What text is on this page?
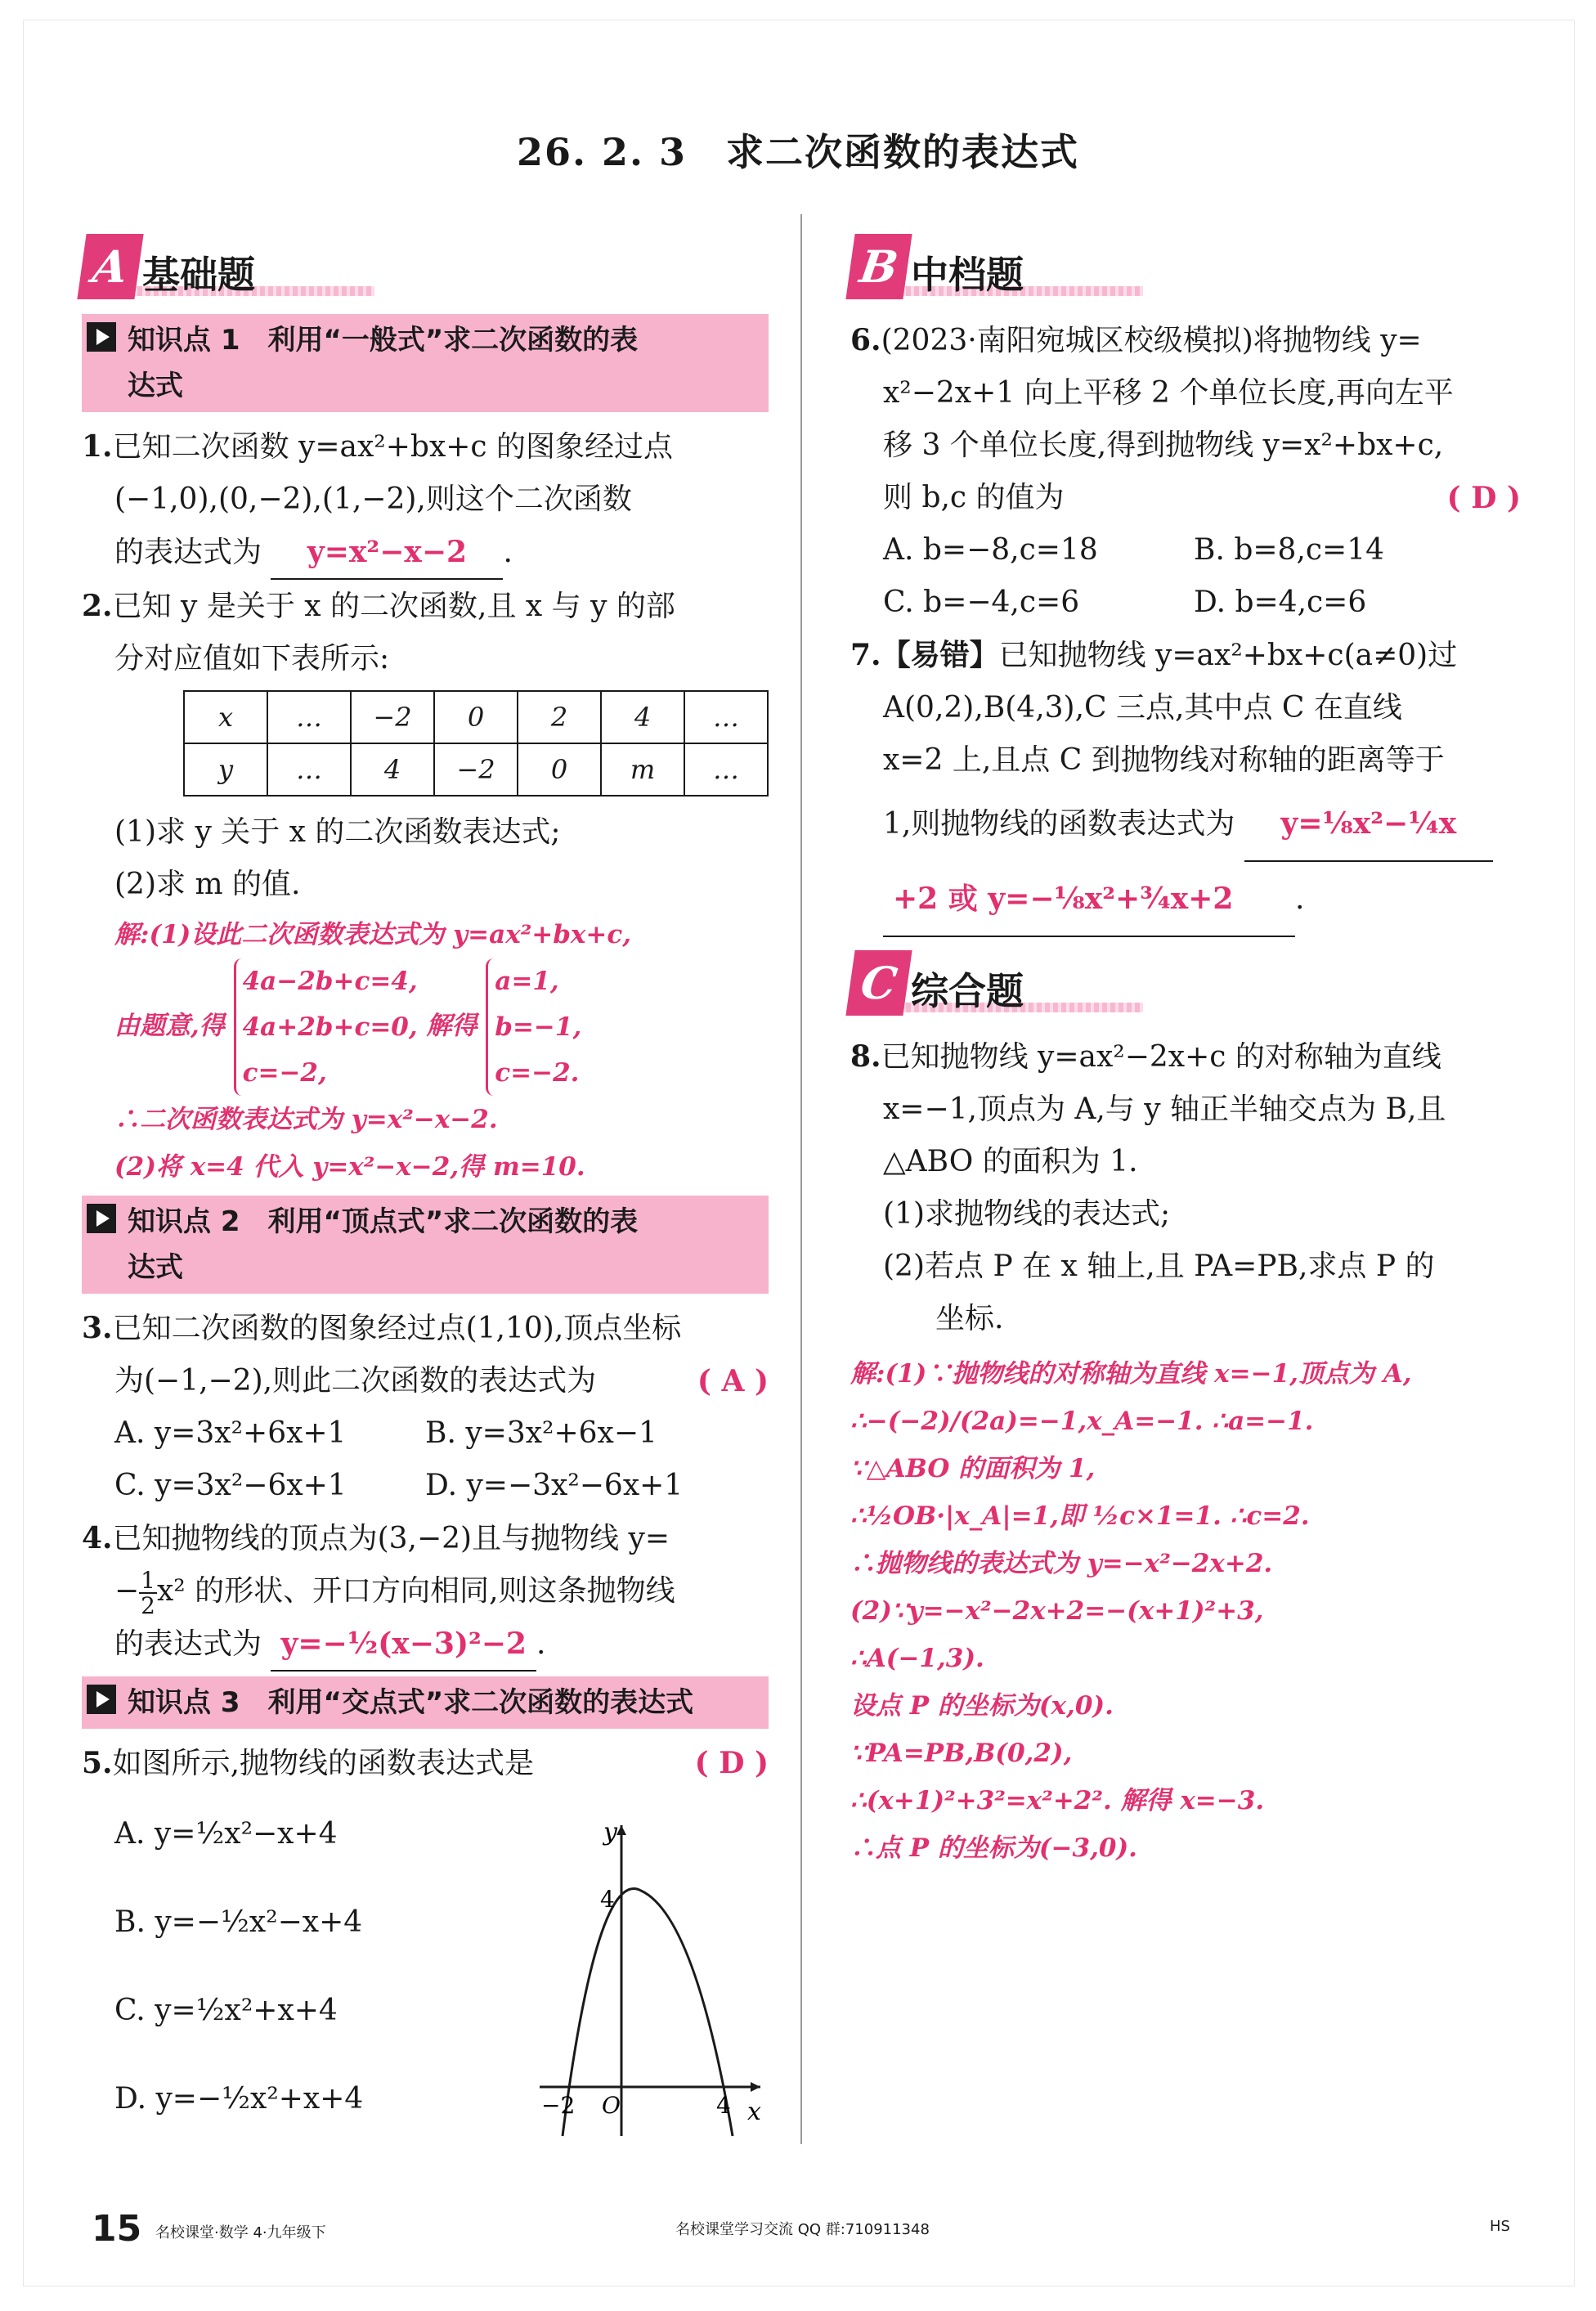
26. 2. 3　求二次函数的表达式
A 基础题
知识点 1　利用“一般式”求二次函数的表
达式

1.已知二次函数 y=ax²+bx+c 的图象经过点

(−1,0),(0,−2),(1,−2),则这个二次函数

的表达式为 y=x²−x−2 .

2.已知 y 是关于 x 的二次函数,且 x 与 y 的部

分对应值如下表所示:

x	…	−2	0	2	4	…
y	…	4	−2	0	m	…

(1)求 y 关于 x 的二次函数表达式;

(2)求 m 的值.

解:(1)设此二次函数表达式为 y=ax²+bx+c,
由题意,得 4a−2b+c=4,
4a+2b+c=0,
c=−2, 解得 a=1,
b=−1,
c=−2.
∴二次函数表达式为 y=x²−x−2.
(2)将 x=4 代入 y=x²−x−2,得 m=10.
知识点 2　利用“顶点式”求二次函数的表
达式

3.已知二次函数的图象经过点(1,10),顶点坐标

为(−1,−2),则此二次函数的表达式为	( A )

A. y=3x²+6x+1	B. y=3x²+6x−1
C. y=3x²−6x+1	D. y=−3x²−6x+1

4.已知抛物线的顶点为(3,−2)且与抛物线 y=

− $\frac{1}{2} x^2$ 的形状、开口方向相同,则这条抛物线

的表达式为 y=−½(x−3)²−2 .

知识点 3　利用“交点式”求二次函数的表达式

5.如图所示,抛物线的函数表达式是	( D )

A. y=½x²−x+4
B. y=−½x²−x+4
C. y=½x²+x+4
D. y=−½x²+x+4
y
x
4
−2 O	4
B 中档题

6.(2023·南阳宛城区校级模拟)将抛物线 y=

x²−2x+1 向上平移 2 个单位长度,再向左平

移 3 个单位长度,得到抛物线 y=x²+bx+c,

则 b,c 的值为	( D )

A. b=−8,c=18	B. b=8,c=14
C. b=−4,c=6	D. b=4,c=6

7.【易错】已知抛物线 y=ax²+bx+c(a≠0)过

A(0,2),B(4,3),C 三点,其中点 C 在直线

x=2 上,且点 C 到抛物线对称轴的距离等于

1,则抛物线的函数表达式为 y=⅛x²−¼x

+2 或 y=−⅛x²+¾x+2 .

C 综合题

8.已知抛物线 y=ax²−2x+c 的对称轴为直线

x=−1,顶点为 A,与 y 轴正半轴交点为 B,且

△ABO 的面积为 1.

(1)求抛物线的表达式;

(2)若点 P 在 x 轴上,且 PA=PB,求点 P 的

坐标.

解:(1)∵抛物线的对称轴为直线 x=−1,顶点为 A,
∴−(−2)/(2a)=−1,x_A=−1. ∴a=−1.
∵△ABO 的面积为 1,
∴½OB·|x_A|=1,即 ½c×1=1. ∴c=2.
∴抛物线的表达式为 y=−x²−2x+2.
(2)∵y=−x²−2x+2=−(x+1)²+3,
∴A(−1,3).
设点 P 的坐标为(x,0).
∵PA=PB,B(0,2),
∴(x+1)²+3²=x²+2². 解得 x=−3.
∴点 P 的坐标为(−3,0).
15 名校课堂·数学 4·九年级下	名校课堂学习交流 QQ 群:710911348	HS
